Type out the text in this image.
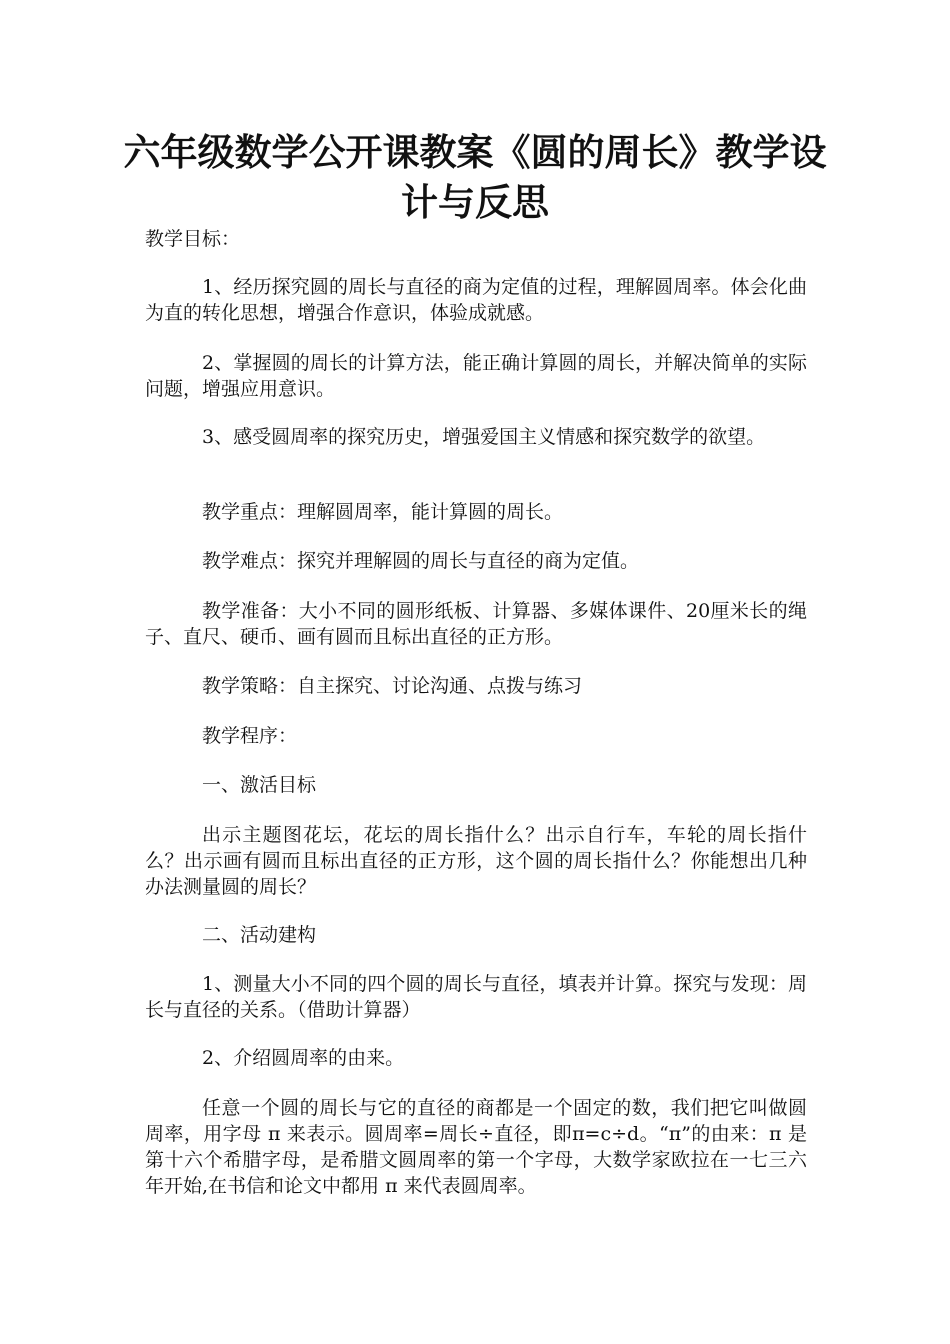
六年级数学公开课教案《圆的周长》教学设计与反思
教学目标：
1、经历探究圆的周长与直径的商为定值的过程，理解圆周率。体会化曲为直的转化思想，增强合作意识，体验成就感。
2、掌握圆的周长的计算方法，能正确计算圆的周长，并解决简单的实际问题，增强应用意识。
3、感受圆周率的探究历史，增强爱国主义情感和探究数学的欲望。
教学重点：理解圆周率，能计算圆的周长。
教学难点：探究并理解圆的周长与直径的商为定值。
教学准备：大小不同的圆形纸板、计算器、多媒体课件、20厘米长的绳子、直尺、硬币、画有圆而且标出直径的正方形。
教学策略：自主探究、讨论沟通、点拨与练习
教学程序：
一、激活目标
出示主题图花坛，花坛的周长指什么？出示自行车，车轮的周长指什么？出示画有圆而且标出直径的正方形，这个圆的周长指什么？你能想出几种办法测量圆的周长？
二、活动建构
1、测量大小不同的四个圆的周长与直径，填表并计算。探究与发现：周长与直径的关系。（借助计算器）
2、介绍圆周率的由来。
任意一个圆的周长与它的直径的商都是一个固定的数，我们把它叫做圆周率，用字母 π 来表示。圆周率=周长÷直径，即π=c÷d。“π”的由来：π 是第十六个希腊字母，是希腊文圆周率的第一个字母，大数学家欧拉在一七三六年开始,在书信和论文中都用 π 来代表圆周率。
